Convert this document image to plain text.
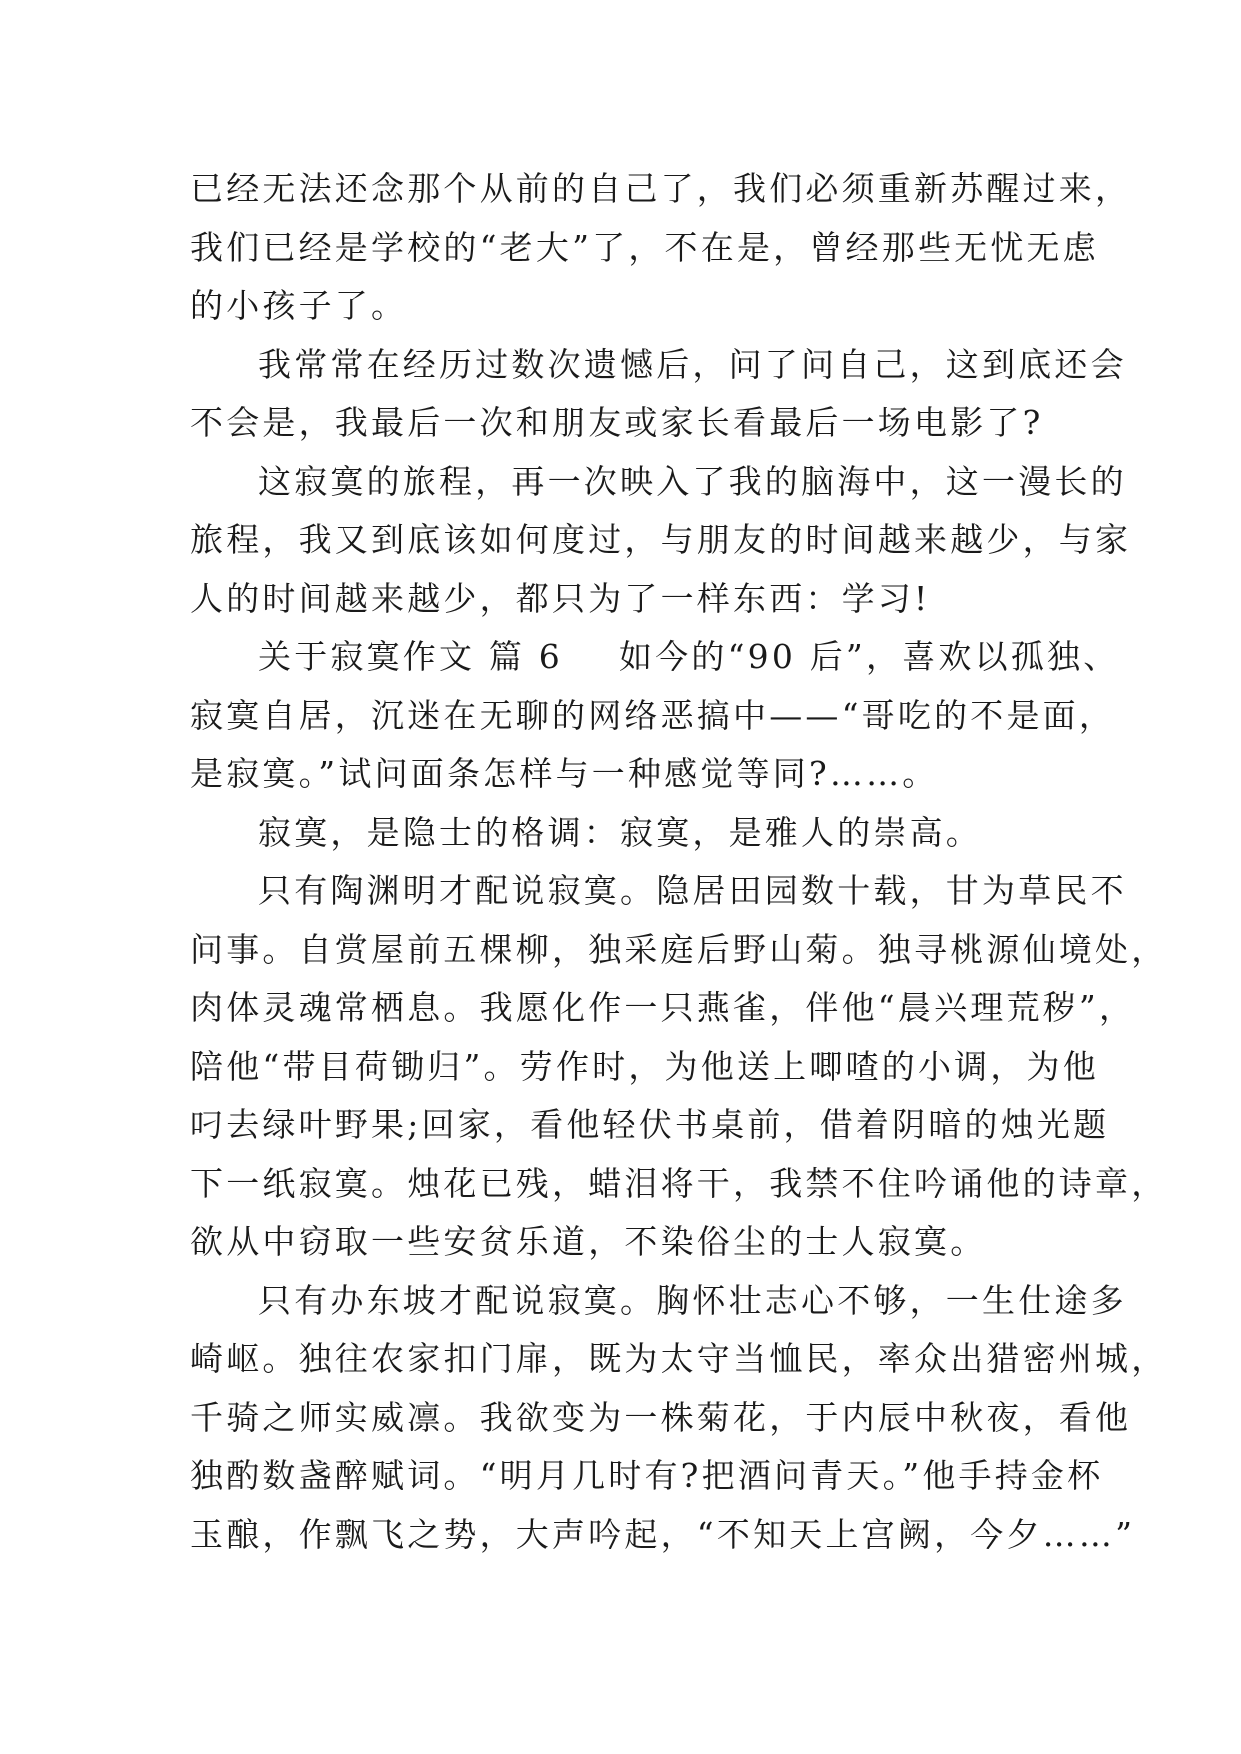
已经无法还念那个从前的自己了，我们必须重新苏醒过来，
我们已经是学校的“老大”了，不在是，曾经那些无忧无虑
的小孩子了。

我常常在经历过数次遗憾后，问了问自己，这到底还会
不会是，我最后一次和朋友或家长看最后一场电影了?

这寂寞的旅程，再一次映入了我的脑海中，这一漫长的
旅程，我又到底该如何度过，与朋友的时间越来越少，与家
人的时间越来越少，都只为了一样东西：学习!

关于寂寞作文 篇 6 如今的“90 后”，喜欢以孤独、
寂寞自居，沉迷在无聊的网络恶搞中——“哥吃的不是面，
是寂寞。”试问面条怎样与一种感觉等同?……。

寂寞，是隐士的格调：寂寞，是雅人的崇高。

只有陶渊明才配说寂寞。隐居田园数十载，甘为草民不
问事。自赏屋前五棵柳，独采庭后野山菊。独寻桃源仙境处，
肉体灵魂常栖息。我愿化作一只燕雀，伴他“晨兴理荒秽”，
陪他“带目荷锄归”。劳作时，为他送上唧喳的小调，为他
叼去绿叶野果;回家，看他轻伏书桌前，借着阴暗的烛光题
下一纸寂寞。烛花已残，蜡泪将干，我禁不住吟诵他的诗章，
欲从中窃取一些安贫乐道，不染俗尘的士人寂寞。

只有办东坡才配说寂寞。胸怀壮志心不够，一生仕途多
崎岖。独往农家扣门扉，既为太守当恤民，率众出猎密州城，
千骑之师实威凛。我欲变为一株菊花，于内辰中秋夜，看他
独酌数盏醉赋词。“明月几时有?把酒问青天。”他手持金杯
玉酿，作飘飞之势，大声吟起，“不知天上宫阙，今夕……”
